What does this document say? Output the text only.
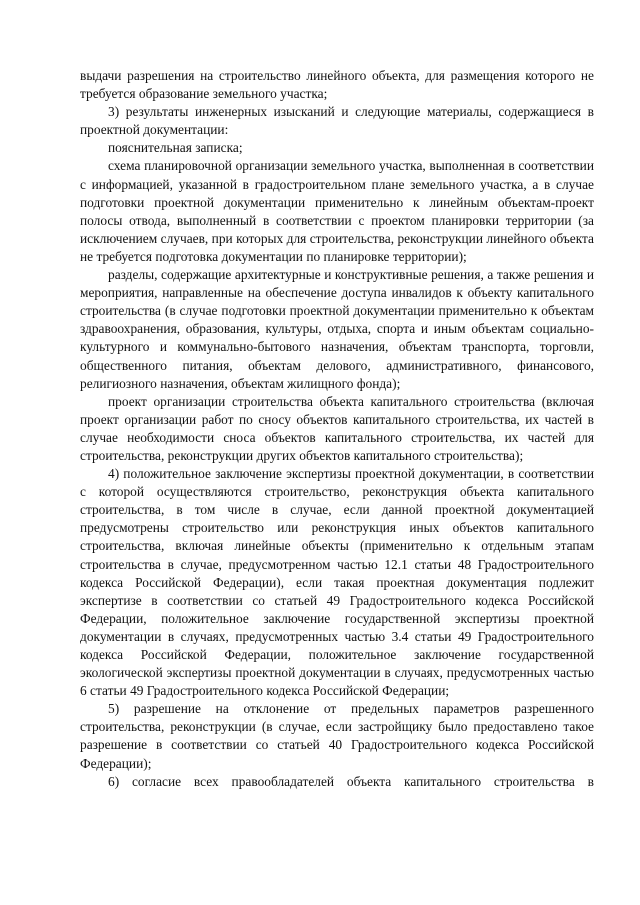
выдачи разрешения на строительство линейного объекта, для размещения которого не требуется образование земельного участка;

3) результаты инженерных изысканий и следующие материалы, содержащиеся в проектной документации:

пояснительная записка;

схема планировочной организации земельного участка, выполненная в соответствии с информацией, указанной в градостроительном плане земельного участка, а в случае подготовки проектной документации применительно к линейным объектам-проект полосы отвода, выполненный в соответствии с проектом планировки территории (за исключением случаев, при которых для строительства, реконструкции линейного объекта не требуется подготовка документации по планировке территории);

разделы, содержащие архитектурные и конструктивные решения, а также решения и мероприятия, направленные на обеспечение доступа инвалидов к объекту капитального строительства (в случае подготовки проектной документации применительно к объектам здравоохранения, образования, культуры, отдыха, спорта и иным объектам социально-культурного и коммунально-бытового назначения, объектам транспорта, торговли, общественного питания, объектам делового, административного, финансового, религиозного назначения, объектам жилищного фонда);

проект организации строительства объекта капитального строительства (включая проект организации работ по сносу объектов капитального строительства, их частей в случае необходимости сноса объектов капитального строительства, их частей для строительства, реконструкции других объектов капитального строительства);

4) положительное заключение экспертизы проектной документации, в соответствии с которой осуществляются строительство, реконструкция объекта капитального строительства, в том числе в случае, если данной проектной документацией предусмотрены строительство или реконструкция иных объектов капитального строительства, включая линейные объекты (применительно к отдельным этапам строительства в случае, предусмотренном частью 12.1 статьи 48 Градостроительного кодекса Российской Федерации), если такая проектная документация подлежит экспертизе в соответствии со статьей 49 Градостроительного кодекса Российской Федерации, положительное заключение государственной экспертизы проектной документации в случаях, предусмотренных частью 3.4 статьи 49 Градостроительного кодекса Российской Федерации, положительное заключение государственной экологической экспертизы проектной документации в случаях, предусмотренных частью 6 статьи 49 Градостроительного кодекса Российской Федерации;

5) разрешение на отклонение от предельных параметров разрешенного строительства, реконструкции (в случае, если застройщику было предоставлено такое разрешение в соответствии со статьей 40 Градостроительного кодекса Российской Федерации);

6) согласие всех правообладателей объекта капитального строительства в
